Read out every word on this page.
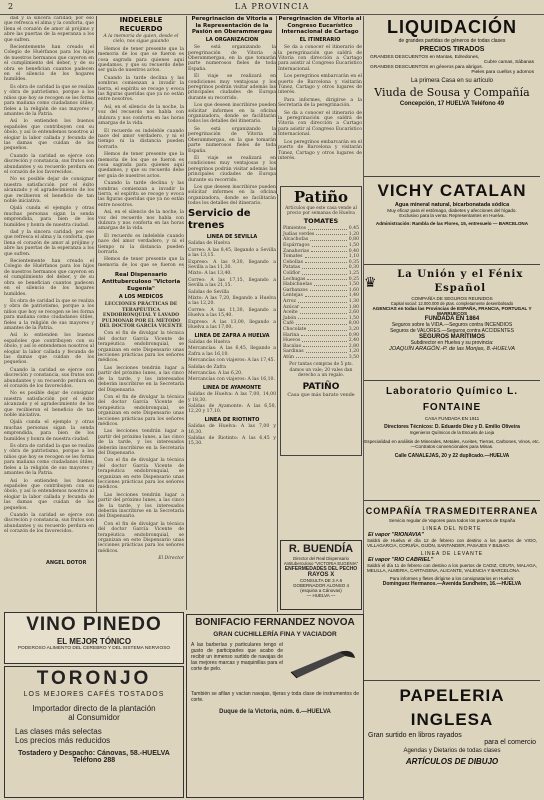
2	LA PROVINCIA

dad y la sincera caridad; por eso que refresca el alma y la conforta, que llena el corazón de amor al prójimo y abre las puertas de la esperanza a los que sufren.

Recientemente han creado el Colegio de Huérfanos para los hijos de nuestros hermanos que cayeron en el cumplimiento del deber, y de su obra se benefician cuantos padecen en el silencio de los hogares humildes.

Es obra de caridad la que se realiza y obra de patriotismo, porque a los niños que hoy se recogen se les forma para mañana como ciudadanos útiles, fieles a la religión de sus mayores y amantes de la Patria.

Así lo entienden los buenos españoles que contribuyen con su óbolo, y así lo entendemos nosotros al elogiar la labor callada y fecunda de las damas que cuidan de los pequeños.

Cuando la caridad se ejerce con discreción y constancia, sus frutos son abundantes y su recuerdo perdura en el corazón de los favorecidos.

No es posible dejar de consignar nuestra satisfacción por el éxito alcanzado y el agradecimiento de los que recibieron el beneficio de tan noble iniciativa.

Ojalá cunda el ejemplo y otras muchas personas sigan la senda emprendida, para bien de los humildes y honra de nuestra ciudad.

dad y la sincera caridad; por eso que refresca el alma y la conforta, que llena el corazón de amor al prójimo y abre las puertas de la esperanza a los que sufren.

Recientemente han creado el Colegio de Huérfanos para los hijos de nuestros hermanos que cayeron en el cumplimiento del deber, y de su obra se benefician cuantos padecen en el silencio de los hogares humildes.

Es obra de caridad la que se realiza y obra de patriotismo, porque a los niños que hoy se recogen se les forma para mañana como ciudadanos útiles, fieles a la religión de sus mayores y amantes de la Patria.

Así lo entienden los buenos españoles que contribuyen con su óbolo, y así lo entendemos nosotros al elogiar la labor callada y fecunda de las damas que cuidan de los pequeños.

Cuando la caridad se ejerce con discreción y constancia, sus frutos son abundantes y su recuerdo perdura en el corazón de los favorecidos.

No es posible dejar de consignar nuestra satisfacción por el éxito alcanzado y el agradecimiento de los que recibieron el beneficio de tan noble iniciativa.

Ojalá cunda el ejemplo y otras muchas personas sigan la senda emprendida, para bien de los humildes y honra de nuestra ciudad.

Es obra de caridad la que se realiza y obra de patriotismo, porque a los niños que hoy se recogen se les forma para mañana como ciudadanos útiles, fieles a la religión de sus mayores y amantes de la Patria.

Así lo entienden los buenos españoles que contribuyen con su óbolo, y así lo entendemos nosotros al elogiar la labor callada y fecunda de las damas que cuidan de los pequeños.

Cuando la caridad se ejerce con discreción y constancia, sus frutos son abundantes y su recuerdo perdura en el corazón de los favorecidos.

ANGEL DOTOR
INDELEBLE RECUERDO
A la memoria de quien, desde el cielo, nos sigue guiando

Hemos de tener presente que la memoria de los que se fueron es cosa sagrada para quienes aquí quedamos, y que su recuerdo debe ser guía de nuestros actos.

Cuando la tarde declina y las sombras comienzan a invadir la tierra, el espíritu se recoge y evoca las figuras queridas que ya no están entre nosotros.

Así, en el silencio de la noche, la voz del recuerdo nos habla con dulzura y nos conforta en las horas amargas de la vida.

El recuerdo es indeleble cuando nace del amor verdadero, y ni el tiempo ni la distancia pueden borrarlo.

Hemos de tener presente que la memoria de los que se fueron es cosa sagrada para quienes aquí quedamos, y que su recuerdo debe ser guía de nuestros actos.

Cuando la tarde declina y las sombras comienzan a invadir la tierra, el espíritu se recoge y evoca las figuras queridas que ya no están entre nosotros.

Así, en el silencio de la noche, la voz del recuerdo nos habla con dulzura y nos conforta en las horas amargas de la vida.

El recuerdo es indeleble cuando nace del amor verdadero, y ni el tiempo ni la distancia pueden borrarlo.

Hemos de tener presente que la memoria de los que se fueron es

Real Dispensario Antituberculoso "Victoria Eugenia"
A LOS MEDICOS
LECCIONES PRÁCTICAS DE TERAPÉUTICA ENDOBRONQUIAL Y LAVADO PULMONAR POR EL MÉTODO DEL DOCTOR GARCÍA VICENTE

Con el fin de divulgar la técnica del doctor García Vicente de terapéutica endobronquial, se organizan en este Dispensario unas lecciones prácticas para los señores médicos.

Las lecciones tendrán lugar a partir del próximo lunes, a las cinco de la tarde, y los interesados deberán inscribirse en la Secretaría del Dispensario.

Con el fin de divulgar la técnica del doctor García Vicente de terapéutica endobronquial, se organizan en este Dispensario unas lecciones prácticas para los señores médicos.

Las lecciones tendrán lugar a partir del próximo lunes, a las cinco de la tarde, y los interesados deberán inscribirse en la Secretaría del Dispensario.

Con el fin de divulgar la técnica del doctor García Vicente de terapéutica endobronquial, se organizan en este Dispensario unas lecciones prácticas para los señores médicos.

Las lecciones tendrán lugar a partir del próximo lunes, a las cinco de la tarde, y los interesados deberán inscribirse en la Secretaría del Dispensario.

Con el fin de divulgar la técnica del doctor García Vicente de terapéutica endobronquial, se organizan en este Dispensario unas lecciones prácticas para los señores médicos.

El Director
Peregrinación de Vitoria a la Representación de la Pasión en Oberammergau
LA ORGANIZACION

Se está organizando la peregrinación de Vitoria a Oberammergau, en la que tomarán parte numerosos fieles de toda España.

El viaje se realizará en condiciones muy ventajosas y los peregrinos podrán visitar además las principales ciudades de Europa durante su recorrido.

Los que deseen inscribirse pueden solicitar informes en la oficina organizadora, donde se facilitarán todos los detalles del itinerario.

Se está organizando la peregrinación de Vitoria a Oberammergau, en la que tomarán parte numerosos fieles de toda España.

El viaje se realizará en condiciones muy ventajosas y los peregrinos podrán visitar además las principales ciudades de Europa durante su recorrido.

Los que deseen inscribirse pueden solicitar informes en la oficina organizadora, donde se facilitarán todos los detalles del itinerario.

Peregrinación de Vitoria al Congreso Eucarístico Internacional de Cartago
EL ITINERARIO

Se da a conocer el itinerario de la peregrinación que saldrá de Vitoria con dirección a Cartago para asistir al Congreso Eucarístico Internacional.

Los peregrinos embarcarán en el puerto de Barcelona y visitarán Túnez, Cartago y otros lugares de interés.

Para informes, dirigirse a la Secretaría de la peregrinación.

Se da a conocer el itinerario de la peregrinación que saldrá de Vitoria con dirección a Cartago para asistir al Congreso Eucarístico Internacional.

Los peregrinos embarcarán en el puerto de Barcelona y visitarán Túnez, Cartago y otros lugares de interés.

Servicio de trenes
LINEA DE SEVILLA
Salidas de Huelva
Correo: A las 8,45, llegando a Sevilla a las 13,15.
Expreso: A las 9,30, llegando a Sevilla a las 11,30.
Mixto: A las 13,40.
Correo: A las 17,15, llegando a Sevilla a las 21,15.
Salidas de Sevilla
Mixto: A las 7,20, llegando a Huelva a las 12,20.
Correo: A las 11,30, llegando a Huelva a las 15,40.
Expreso: A las 13,00, llegando a Huelva a las 17,00.
LINEA DE ZAFRA A HUELVA
Salidas de Huelva
Mercancías: A las 6,45, llegando a Zafra a las 16,10.
Mercancías con viajeros: A las 17,45.
Salidas de Zafra
Mercancías: A las 6,20.
Mercancías con viajeros: A las 16,10.
LINEA DE AYAMONTE
Salidas de Huelva: A las 7,00, 14,00 y 18,30.
Salidas de Ayamonte: A las 6,50, 12,20 y 17,10.
LINEA DE RIOTINTO
Salidas de Huelva: A las 7,00 y 16,30.
Salidas de Riotinto: A las 6,45 y 15,30.
Patiño
Artículos que este casa vende al precio por semanas de Huelva
TOMATES
Pimientos	0,45
Judías verdes	1,20
Alcachofas	0,80
Espárragos	1,50
Zanahorias	0,40
Tomates	1,10
Cebollas	0,35
Patatas	0,30
Coliflor	1,25
Lechugas	0,25
Habichuelas	1,50
Garbanzos	1,60
Lentejas	1,40
Arroz	1,30
Azúcar	1,80
Aceite	2,60
Jabón	1,50
Café	8,00
Chocolate	3,20
Harina	0,90
Huevos	2,40
Bacalao	2,80
Sardinas	1,20
Atún	3,50
Por tantas compras de 5 pts. damos un vale; 20 vales dan derecho a un regalo.
PATIÑO
Casa que más barato vende
R. BUENDÍA
Director del Real Dispensario Antituberculoso "VICTORIA EUGENIA"
ENFERMEDADES DEL PECHO
RAYOS X
CONSULTA DE 3 A 6
GOBERNADOR ALONSO 4
(esquina a Cánovas)
— HUELVA —
LIQUIDACIÓN
de grandes partidas de géneros de todas clases
PRECIOS TIRADOS
GRANDES DESCUENTOS en Mantas, Edredones,
Cubre camas, Sábanas
GRANDES DESCUENTOS en géneros para abrigos.
Pieles para cuellos y adornos
La primera Casa en su artículo
Viuda de Sousa y Compañía
Concepción, 17 HUELVA Teléfono 49
VICHY CATALAN
Agua mineral natural, bicarbonatada sódica
Muy eficaz para el estómago, diabetes y afecciones del hígado.
Exclusivo para la venta: Representantes en Huelva.
Administración: Rambla de las Flores, 15, entresuelo — BARCELONA
♛	La Unión y el Fénix Español
COMPAÑÍA DE SEGUROS REUNIDOS
Capital social: 12.000.000 de ptas. completamente desembolsado
AGENCIAS en todas las Provincias de ESPAÑA, FRANCIA, PORTUGAL Y MARRUECOS
FUNDADA EN 1864
Seguros sobre la VIDA.—Seguros contra INCENDIOS
Seguros de VALORES.—Seguros contra ACCIDENTES
SEGUROS MARÍTIMOS
Subdirector en Huelva y su provincia:
JOAQUÍN ARAGÓN.-P. de las Monjas, 8.-HUELVA
Laboratorio Químico L. FONTAINE
CASA FUNDADA EN 1911
Directores Técnicos: D. Eduardo Diez y D. Emilio Oliveira
Ingenieros Químicos de la Escuela de Lieja
Especialidad en análisis de Minerales, Metales, Aceites, Tierras, Carbones, Vinos, etc.—Contratos convencionales para Minas.
Calle CANALEJAS, 20 y 22 duplicado.—HUELVA
COMPAÑÍA TRASMEDITERRANEA
Servicio regular de Vapores para todos los puertos de España
LINEA DEL NORTE
El vapor "RIONAVIA"
Saldrá de Huelva el día 12 de febrero con destino a los puertos de VIGO, VILLAGARCIA, CORUÑA, GIJÓN, SANTANDER, PASAJES Y BILBAO.
LINEA DE LEVANTE
El vapor "RIO CABRIEL"
Saldrá el día 11 de febrero con destino a los puertos de CADIZ, CEUTA, MALAGA, MELILLA, ALMERIA, CARTAGENA, ALICANTE, VALENCIA Y BARCELONA.
Para informes y fletes dirígirse a los consignatarios en Huelva:
Domínguez Hermanos.—Avenida Sundheim, 16.—HUELVA
PAPELERIA INGLESA
Gran surtido en libros rayados
para el comercio
Agendas y Dietarios de todas clases
ARTÍCULOS DE DIBUJO
VINO PINEDO
EL MEJOR TÓNICO
PODEROSO ALIMENTO DEL CEREBRO Y DEL SISTEMA NERVIOSO
TORONJO
LOS MEJORES CAFÉS TOSTADOS
Importador directo de la plantación
al Consumidor
Las clases más selectas
Los precios más reducidos
Tostadero y Despacho: Cánovas, 58.-HUELVA
Teléfono 288
BONIFACIO FERNANDEZ NOVOA
GRAN CUCHILLERÍA FINA Y VACIADOR
A las barberías y particulares tengo el gusto de participarles que acabo de recibir un inmenso surtido de navajas de las mejores marcas y maquinillas para el corte de pelo.
También se afilan y vacían navajas, tijeras y toda clase de instrumentos de corte.
Duque de la Victoria, núm. 6.—HUELVA
